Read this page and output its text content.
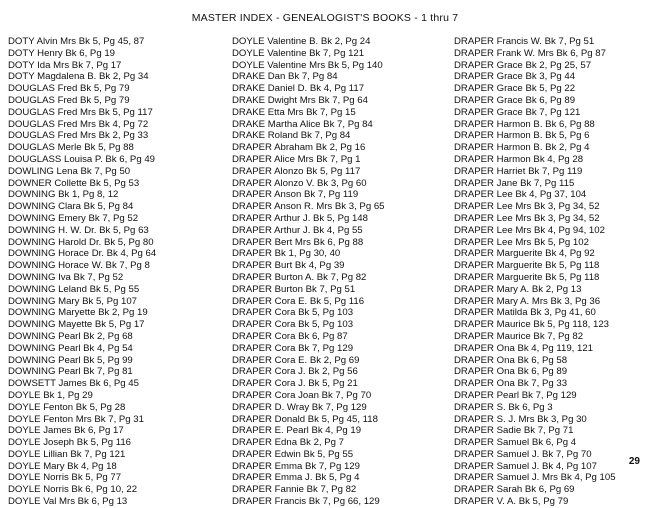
MASTER INDEX - GENEALOGIST'S BOOKS - 1 thru 7
DOTY Alvin Mrs Bk 5, Pg 45, 87
DOTY Henry Bk 6, Pg 19
DOTY Ida Mrs Bk 7, Pg 17
DOTY Magdalena B. Bk 2, Pg 34
DOUGLAS Fred Bk 5, Pg 79
DOUGLAS Fred Bk 5, Pg 79
DOUGLAS Fred Mrs Bk 5, Pg 117
DOUGLAS Fred Mrs Bk 4, Pg 72
DOUGLAS Fred Mrs Bk 2, Pg 33
DOUGLAS Merle Bk 5, Pg 88
DOUGLASS Louisa P. Bk 6, Pg 49
DOWLING Lena Bk 7, Pg 50
DOWNER Collette Bk 5, Pg 53
DOWNING Bk 1, Pg 8, 12
DOWNING Clara Bk 5, Pg 84
DOWNING Emery Bk 7, Pg 52
DOWNING H. W. Dr. Bk 5, Pg 63
DOWNING Harold Dr. Bk 5, Pg 80
DOWNING Horace Dr. Bk 4, Pg 64
DOWNING Horace W. Bk 7, Pg 8
DOWNING Iva Bk 7, Pg 52
DOWNING Leland Bk 5, Pg 55
DOWNING Mary Bk 5, Pg 107
DOWNING Maryette Bk 2, Pg 19
DOWNING Mayette Bk 5, Pg 17
DOWNING Pearl Bk 2, Pg 68
DOWNING Pearl Bk 4, Pg 54
DOWNING Pearl Bk 5, Pg 99
DOWNING Pearl Bk 7, Pg 81
DOWSETT James Bk 6, Pg 45
DOYLE Bk 1, Pg 29
DOYLE Fenton Bk 5, Pg 28
DOYLE Fenton Mrs Bk 7, Pg 31
DOYLE James Bk 6, Pg 17
DOYLE Joseph Bk 5, Pg 116
DOYLE Lillian Bk 7, Pg 121
DOYLE Mary Bk 4, Pg 18
DOYLE Norris Bk 5, Pg 77
DOYLE Norris Bk 6, Pg 10, 22
DOYLE Val Mrs Bk 6, Pg 13
DOYLE Valentine B. Bk 2, Pg 24
DOYLE Valentine Bk 7, Pg 121
DOYLE Valentine Mrs Bk 5, Pg 140
DRAKE Dan Bk 7, Pg 84
DRAKE Daniel D. Bk 4, Pg 117
DRAKE Dwight Mrs Bk 7, Pg 64
DRAKE Etta Mrs Bk 7, Pg 15
DRAKE Martha Alice Bk 7, Pg 84
DRAKE Roland Bk 7, Pg 84
DRAPER Abraham Bk 2, Pg 16
DRAPER Alice Mrs Bk 7, Pg 1
DRAPER Alonzo Bk 5, Pg 117
DRAPER Alonzo V. Bk 3, Pg 60
DRAPER Anson Bk 7, Pg 119
DRAPER Anson R. Mrs Bk 3, Pg 65
DRAPER Arthur J. Bk 5, Pg 148
DRAPER Arthur J. Bk 4, Pg 55
DRAPER Bert Mrs Bk 6, Pg 88
DRAPER Bk 1, Pg 30, 40
DRAPER Burt Bk 4, Pg 39
DRAPER Burton A. Bk 7, Pg 82
DRAPER Burton Bk 7, Pg 51
DRAPER Cora E. Bk 5, Pg 116
DRAPER Cora Bk 5, Pg 103
DRAPER Cora Bk 5, Pg 103
DRAPER Cora Bk 6, Pg 87
DRAPER Cora Bk 7, Pg 129
DRAPER Cora E. Bk 2, Pg 69
DRAPER Cora J. Bk 2, Pg 56
DRAPER Cora J. Bk 5, Pg 21
DRAPER Cora Joan Bk 7, Pg 70
DRAPER D. Wray Bk 7, Pg 129
DRAPER Donald Bk 5, Pg 45, 118
DRAPER E. Pearl Bk 4, Pg 19
DRAPER Edna Bk 2, Pg 7
DRAPER Edwin Bk 5, Pg 55
DRAPER Emma Bk 7, Pg 129
DRAPER Emma J. Bk 5, Pg 4
DRAPER Fannie Bk 7, Pg 82
DRAPER Francis Bk 7, Pg 66, 129
DRAPER Francis W. Bk 7, Pg 51
DRAPER Frank W. Mrs Bk 6, Pg 87
DRAPER Grace Bk 2, Pg 25, 57
DRAPER Grace Bk 3, Pg 44
DRAPER Grace Bk 5, Pg 22
DRAPER Grace Bk 6, Pg 89
DRAPER Grace Bk 7, Pg 121
DRAPER Harmon B. Bk 6, Pg 88
DRAPER Harmon B. Bk 5, Pg 6
DRAPER Harmon B. Bk 2, Pg 4
DRAPER Harmon Bk 4, Pg 28
DRAPER Harriet Bk 7, Pg 119
DRAPER Jane Bk 7, Pg 115
DRAPER Lee Bk 4, Pg 37, 104
DRAPER Lee Mrs Bk 3, Pg 34, 52
DRAPER Lee Mrs Bk 3, Pg 34, 52
DRAPER Lee Mrs Bk 4, Pg 94, 102
DRAPER Lee Mrs Bk 5, Pg 102
DRAPER Marguerite Bk 4, Pg 92
DRAPER Marguerite Bk 5, Pg 118
DRAPER Marguerite Bk 5, Pg 118
DRAPER Mary A. Bk 2, Pg 13
DRAPER Mary A. Mrs Bk 3, Pg 36
DRAPER Matilda Bk 3, Pg 41, 60
DRAPER Maurice Bk 5, Pg 118, 123
DRAPER Maurice Bk 7, Pg 82
DRAPER Ona Bk 4, Pg 119, 121
DRAPER Ona Bk 6, Pg 58
DRAPER Ona Bk 6, Pg 89
DRAPER Ona Bk 7, Pg 33
DRAPER Pearl Bk 7, Pg 129
DRAPER S. Bk 6, Pg 3
DRAPER S. J. Mrs Bk 3, Pg 30
DRAPER Sadie Bk 7, Pg 71
DRAPER Samuel Bk 6, Pg 4
DRAPER Samuel J. Bk 7, Pg 70
DRAPER Samuel J. Bk 4, Pg 107
DRAPER Samuel J. Mrs Bk 4, Pg 105
DRAPER Sarah Bk 6, Pg 69
DRAPER V. A. Bk 5, Pg 79
29
